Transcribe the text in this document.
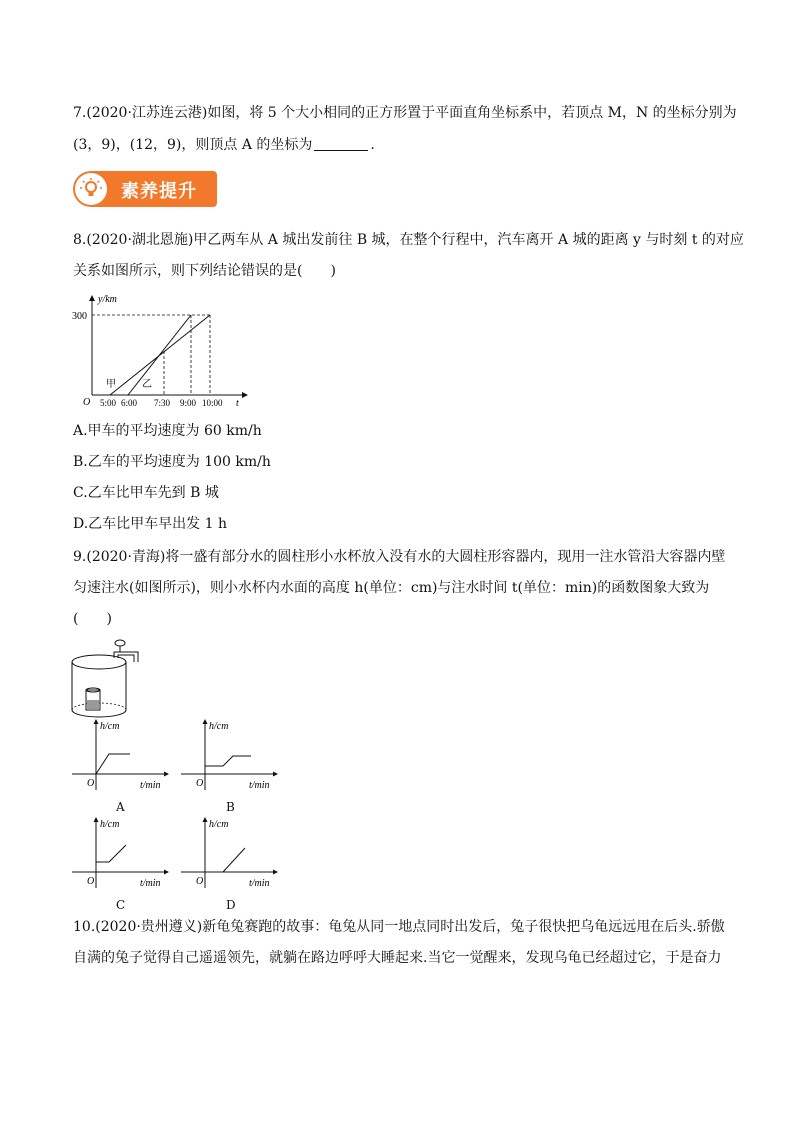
7.(2020·江苏连云港)如图，将 5 个大小相同的正方形置于平面直角坐标系中，若顶点 M，N 的坐标分别为
(3，9)，(12，9)，则顶点 A 的坐标为	.
素养提升
8.(2020·湖北恩施)甲乙两车从 A 城出发前往 B 城，在整个行程中，汽车离开 A 城的距离 y 与时刻 t 的对应
关系如图所示，则下列结论错误的是(　　)
y/km
300
O	t
5:00 6:00 7:30 9:00 10:00
甲	乙
A.甲车的平均速度为 60 km/h
B.乙车的平均速度为 100 km/h
C.乙车比甲车先到 B 城
D.乙车比甲车早出发 1 h
9.(2020·青海)将一盛有部分水的圆柱形小水杯放入没有水的大圆柱形容器内，现用一注水管沿大容器内壁
匀速注水(如图所示)，则小水杯内水面的高度 h(单位：cm)与注水时间 t(单位：min)的函数图象大致为
(　　)
h/cm
O	t/min
A
h/cm
O	t/min
B
h/cm
O	t/min
C
h/cm
O	t/min
D
10.(2020·贵州遵义)新龟兔赛跑的故事：龟兔从同一地点同时出发后，兔子很快把乌龟远远甩在后头.骄傲
自满的兔子觉得自己遥遥领先，就躺在路边呼呼大睡起来.当它一觉醒来，发现乌龟已经超过它，于是奋力
